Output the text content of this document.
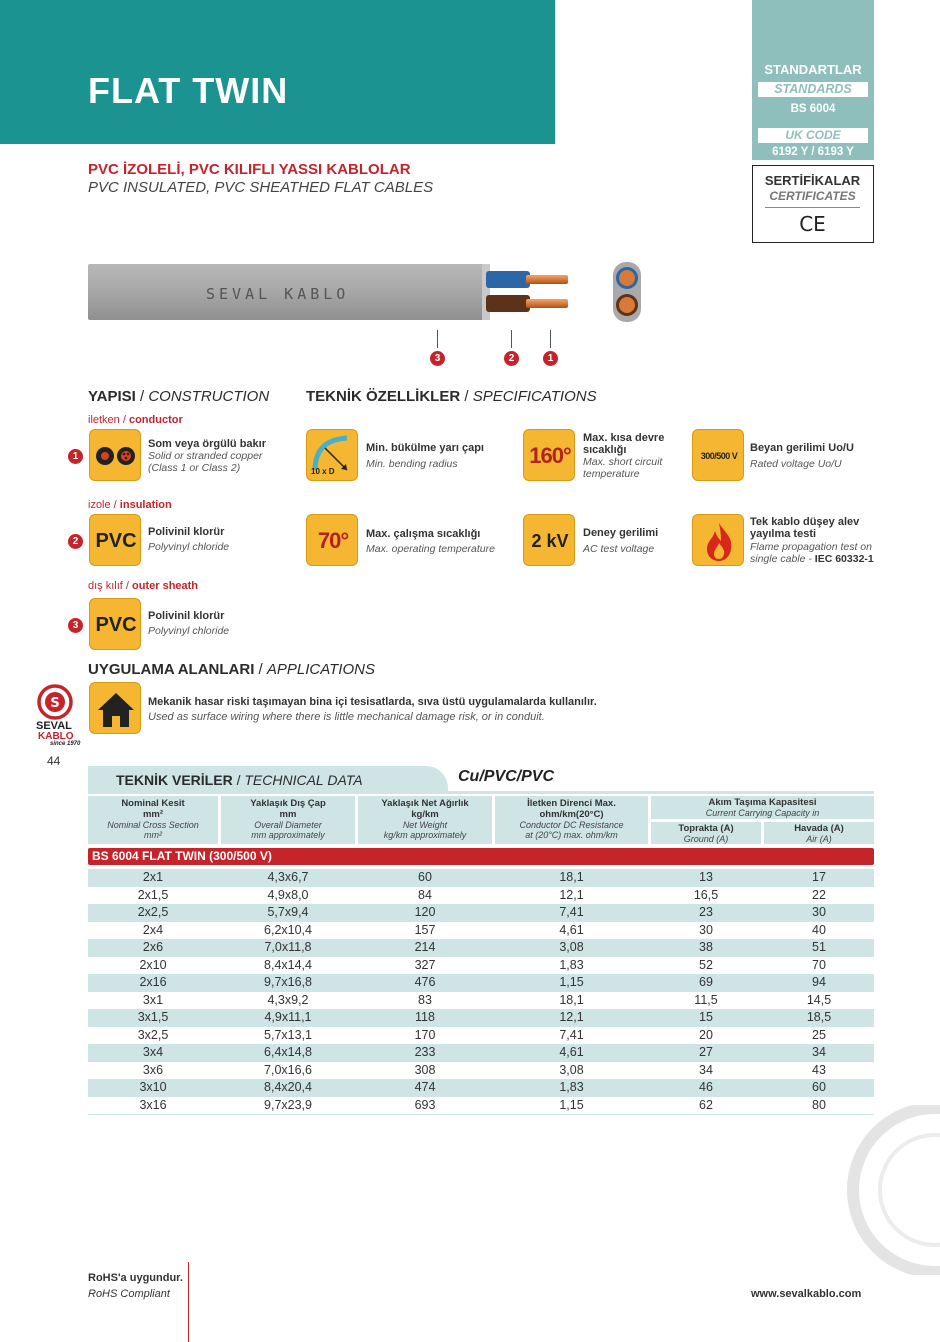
FLAT TWIN
STANDARTLAR
STANDARDS
BS 6004
UK CODE
6192 Y / 6193 Y
SERTİFİKALAR
CERTIFICATES
CE
PVC İZOLELİ, PVC KILIFLI YASSI KABLOLAR
PVC INSULATED, PVC SHEATHED FLAT CABLES
SEVAL KABLO
3	2	1
YAPISI / CONSTRUCTION
iletken / conductor
1
Som veya örgülü bakır
Solid or stranded copper
(Class 1 or Class 2)
izole / insulation
2 PVC	Polivinil klorür
Polyvinyl chloride
dış kılıf / outer sheath
3 PVC	Polivinil klorür
Polyvinyl chloride
TEKNİK ÖZELLİKLER / SPECIFICATIONS
10 x D
Min. bükülme yarı çapı
Min. bending radius	160°
Max. kısa devre
sıcaklığı
Max. short circuit
temperature
300/500 V
Beyan gerilimi Uo/U
Rated voltage Uo/U
70°	Max. çalışma sıcaklığı
Max. operating temperature	2 kV	Deney gerilimi
AC test voltage
Tek kablo düşey alev
yayılma testi
Flame propagation test on
single cable - IEC 60332-1
UYGULAMA ALANLARI / APPLICATIONS
Mekanik hasar riski taşımayan bina içi tesisatlarda, sıva üstü uygulamalarda kullanılır.
Used as surface wiring where there is little mechanical damage risk, or in conduit.
S
SEVAL
KABLO
since 1970
44
TEKNİK VERİLER / TECHNICAL DATA	Cu/PVC/PVC
Nominal Kesit
mm²
Nominal Cross Section
mm²
Yaklaşık Dış Çap
mm
Overall Diameter
mm approximately
Yaklaşık Net Ağırlık
kg/km
Net Weight
kg/km approximately
İletken Direnci Max.
ohm/km(20°C)
Conductor DC Resistance
at (20°C) max. ohm/km
Akım Taşıma Kapasitesi
Current Carrying Capacity in
Toprakta (A)
Ground (A)
Havada (A)
Air (A)
BS 6004 FLAT TWIN (300/500 V)
2x1	4,3x6,7	60	18,1	13	17
2x1,5	4,9x8,0	84	12,1	16,5	22
2x2,5	5,7x9,4	120	7,41	23	30
2x4	6,2x10,4	157	4,61	30	40
2x6	7,0x11,8	214	3,08	38	51
2x10	8,4x14,4	327	1,83	52	70
2x16	9,7x16,8	476	1,15	69	94
3x1	4,3x9,2	83	18,1	11,5	14,5
3x1,5	4,9x11,1	118	12,1	15	18,5
3x2,5	5,7x13,1	170	7,41	20	25
3x4	6,4x14,8	233	4,61	27	34
3x6	7,0x16,6	308	3,08	34	43
3x10	8,4x20,4	474	1,83	46	60
3x16	9,7x23,9	693	1,15	62	80
RoHS'a uygundur.
RoHS Compliant	www.sevalkablo.com
